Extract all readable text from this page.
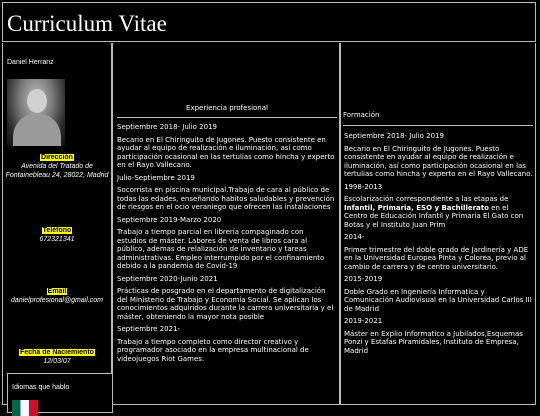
Curriculum Vitae
Daniel Herranz
Dirección
Avenida del Tratado de Fontainebleau 24, 28022, Madrid
Teléfono
672321341
Email
danielprofesional@gmail.com
Fecha de Naciemiento
12/03/07
Idiomas que hablo
Experiencia profesional
Septiembre 2018- Julio 2019
Becario en El Chiringuito de Jugones. Puesto consistente en ayudar al equipo de realización e iluminación, así como participación ocasional en las tertulias como hincha y experto en el Rayo Vallecano.
Julio-Septiembre 2019
Socorrista en piscina municipal.Trabajo de cara al público de todas las edades, enseñando habitos saludables y prevención de riesgos en el ocio veraniego que ofrecen las instalaciones
Septiembre 2019-Marzo 2020
Trabajo a tiempo parcial en librería compaginado con estudios de máster. Labores de venta de libros cara al público, ademas de relalización de inventario y tareas administrativas. Empleo interrumpido por el confinamiento debido a la pandemia de Covid-19
Septiembre 2020-Junio 2021
Prácticas de posgrado en el departamento de digitalización del Ministerio de Trabajo y Economía Social. Se aplican los conocimientos adquiridos durante la carrera universitaria y el máster, obteniendo la mayor nota posible
Septiembre 2021-
Trabajo a tiempo completo como director creativo y programador asociado en la empresa multinacional de videojuegos Riot Games.
Formación
Septiembre 2018- Julio 2019
Becario en El Chiringuito de Jugones. Puesto consistente en ayudar al equipo de realización e iluminación, así como participación ocasional en las tertulias como hincha y experto en el Rayo Vallecano.
1998-2013
Escolarización correspondiente a las etapas de Infantil, Primaria, ESO y Bachillerato en el Centro de Educación Infantil y Primaria El Gato con Botas y el Instituto Juan Prim
2014-
Primer trimestre del doble grado de Jardinería y ADE en la Universidad Europea Pinta y Colorea, previo al cambio de carrera y de centro universitario.
2015-2019
Doble Grado en Ingeniería Informatica y Comunicación Audiovisual en la Universidad Carlos III de Madrid
2019-2021
Máster en Explio Informatico a Jubilados,Esquemas Ponzi y Estafas Piramidales, Instituto de Empresa, Madrid
